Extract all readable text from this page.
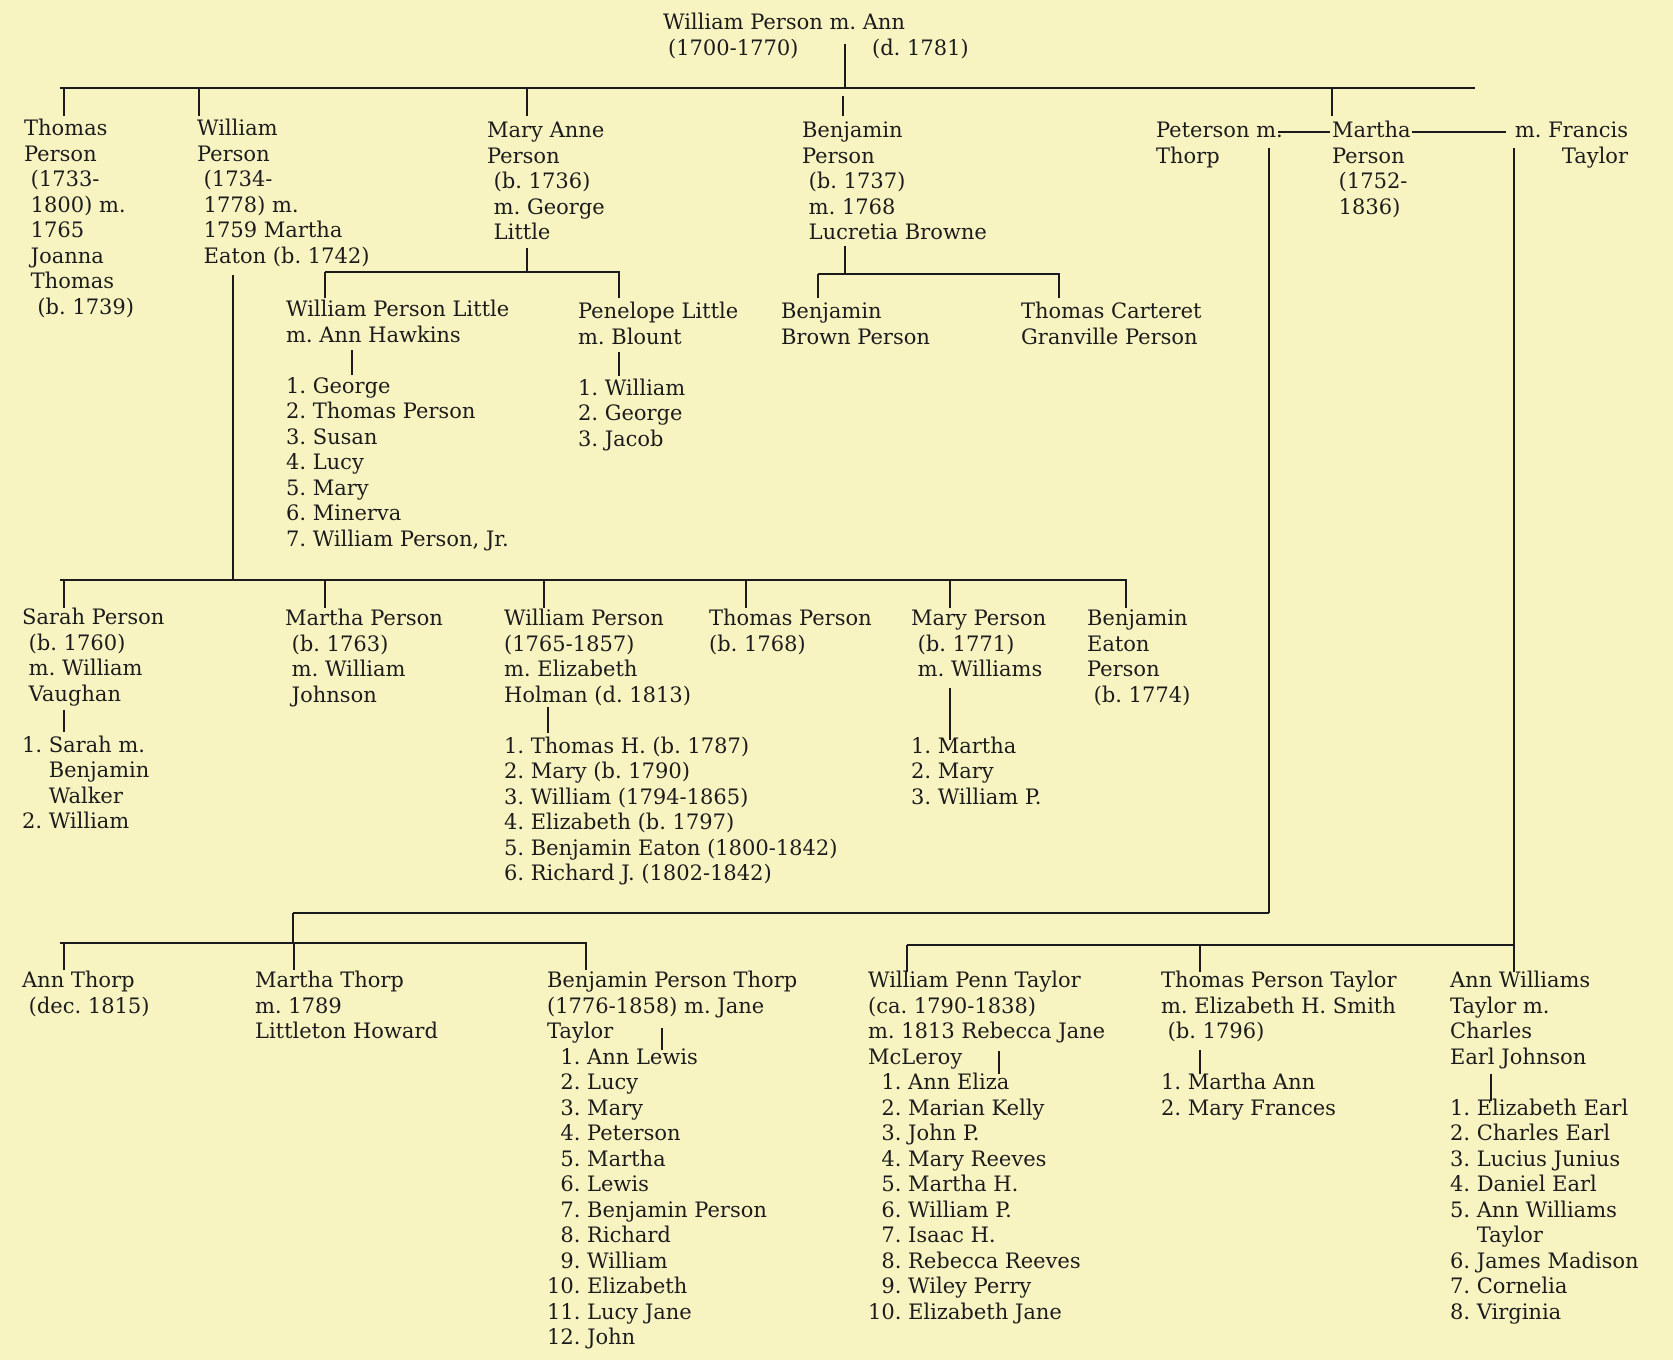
William Person m. Ann
(1700-1770)	(d. 1781)
Thomas
Person
(1733-
1800) m.
1765
Joanna
Thomas
(b. 1739)
William
Person
(1734-
1778) m.
1759 Martha
Eaton (b. 1742)
Mary Anne
Person
(b. 1736)
m. George
Little
Benjamin
Person
(b. 1737)
m. 1768
Lucretia Browne
Peterson m.
Thorp
Martha
Person
(1752-
1836)
m. Francis
Taylor
William Person Little
m. Ann Hawkins

1. George
2. Thomas Person
3. Susan
4. Lucy
5. Mary
6. Minerva
7. William Person, Jr.
Penelope Little
m. Blount

1. William
2. George
3. Jacob
Benjamin
Brown Person
Thomas Carteret
Granville Person
Sarah Person
(b. 1760)
m. William
Vaughan

1. Sarah m.
Benjamin
Walker
2. William
Martha Person
(b. 1763)
m. William
Johnson
William Person
(1765-1857)
m. Elizabeth
Holman (d. 1813)

1. Thomas H. (b. 1787)
2. Mary (b. 1790)
3. William (1794-1865)
4. Elizabeth (b. 1797)
5. Benjamin Eaton (1800-1842)
6. Richard J. (1802-1842)
Thomas Person
(b. 1768)
Mary Person
(b. 1771)
m. Williams

1. Martha
2. Mary
3. William P.
Benjamin
Eaton
Person
(b. 1774)
Ann Thorp
(dec. 1815)
Martha Thorp
m. 1789
Littleton Howard
Benjamin Person Thorp
(1776-1858) m. Jane
Taylor
1. Ann Lewis
2. Lucy
3. Mary
4. Peterson
5. Martha
6. Lewis
7. Benjamin Person
8. Richard
9. William
10. Elizabeth
11. Lucy Jane
12. John
William Penn Taylor
(ca. 1790-1838)
m. 1813 Rebecca Jane
McLeroy
1. Ann Eliza
2. Marian Kelly
3. John P.
4. Mary Reeves
5. Martha H.
6. William P.
7. Isaac H.
8. Rebecca Reeves
9. Wiley Perry
10. Elizabeth Jane
Thomas Person Taylor
m. Elizabeth H. Smith
(b. 1796)

1. Martha Ann
2. Mary Frances
Ann Williams
Taylor m.
Charles
Earl Johnson

1. Elizabeth Earl
2. Charles Earl
3. Lucius Junius
4. Daniel Earl
5. Ann Williams
Taylor
6. James Madison
7. Cornelia
8. Virginia
